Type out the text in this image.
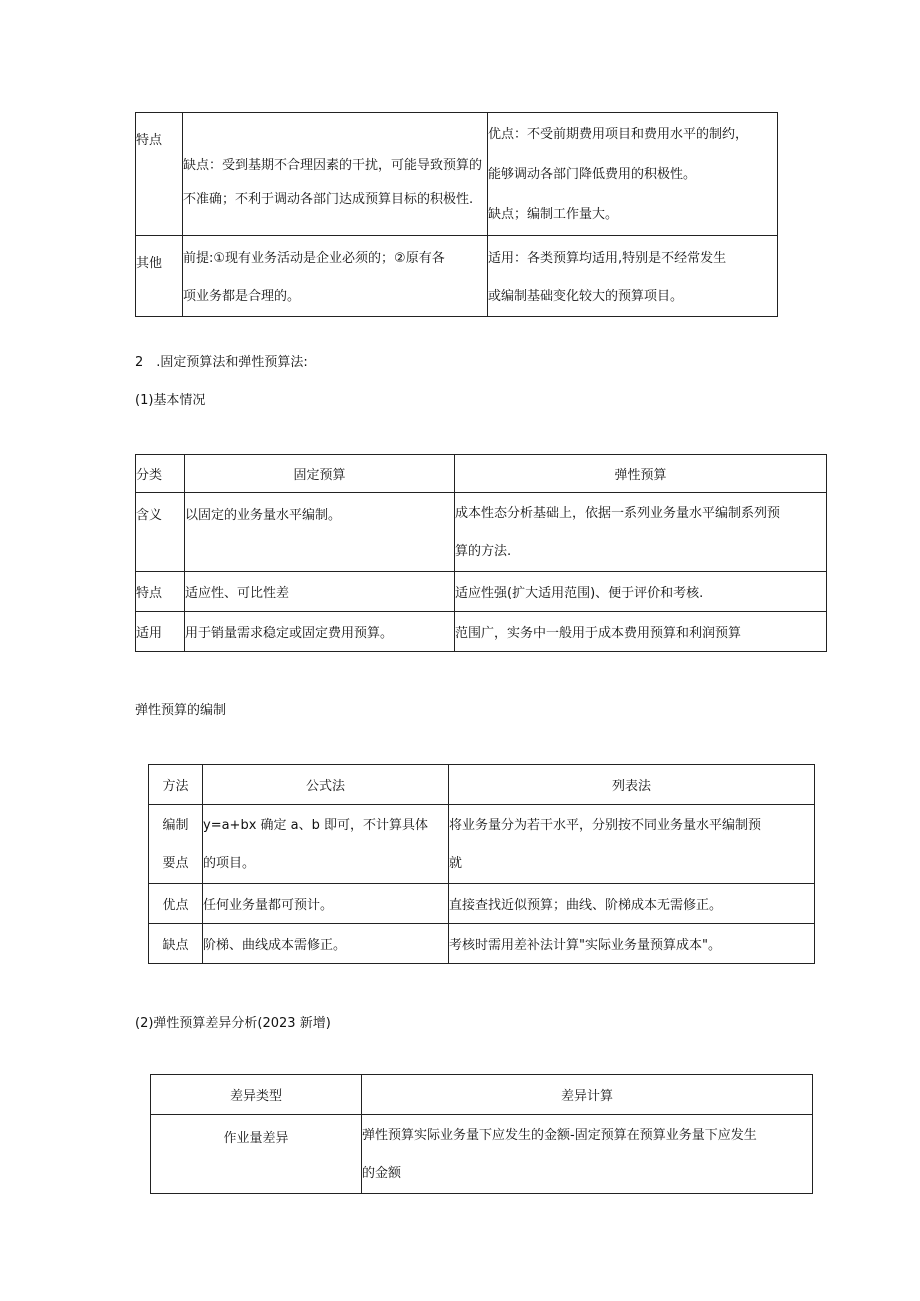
特点	缺点：受到基期不合理因素的干扰，可能导致预算的
不准确；不利于调动各部门达成预算目标的积极性.	优点：不受前期费用项目和费用水平的制约，
能够调动各部门降低费用的积极性。
缺点；编制工作量大。

其他	前提:①现有业务活动是企业必须的；②原有各
项业务都是合理的。	适用：各类预算均适用,特别是不经常发生
或编制基础变化较大的预算项目。
2　.固定预算法和弹性预算法:
(1)基本情况
分类	固定预算	弹性预算
含义	以固定的业务量水平编制。	成本性态分析基础上，依据一系列业务量水平编制系列预
算的方法.

特点	适应性、可比性差	适应性强(扩大适用范围)、便于评价和考核.
适用	用于销量需求稳定或固定费用预算。	范围广，实务中一般用于成本费用预算和利润预算
弹性预算的编制
方法	公式法	列表法

编制
要点	y=a+bx 确定 a、b 即可，不计算具体
的项目。	将业务量分为若干水平，分别按不同业务量水平编制预
就

优点	任何业务量都可预计。	直接查找近似预算；曲线、阶梯成本无需修正。
缺点	阶梯、曲线成本需修正。	考核时需用差补法计算"实际业务量预算成本"。
(2)弹性预算差异分析(2023 新增)
差异类型	差异计算
作业量差异	弹性预算实际业务量下应发生的金额-固定预算在预算业务量下应发生
的金额
